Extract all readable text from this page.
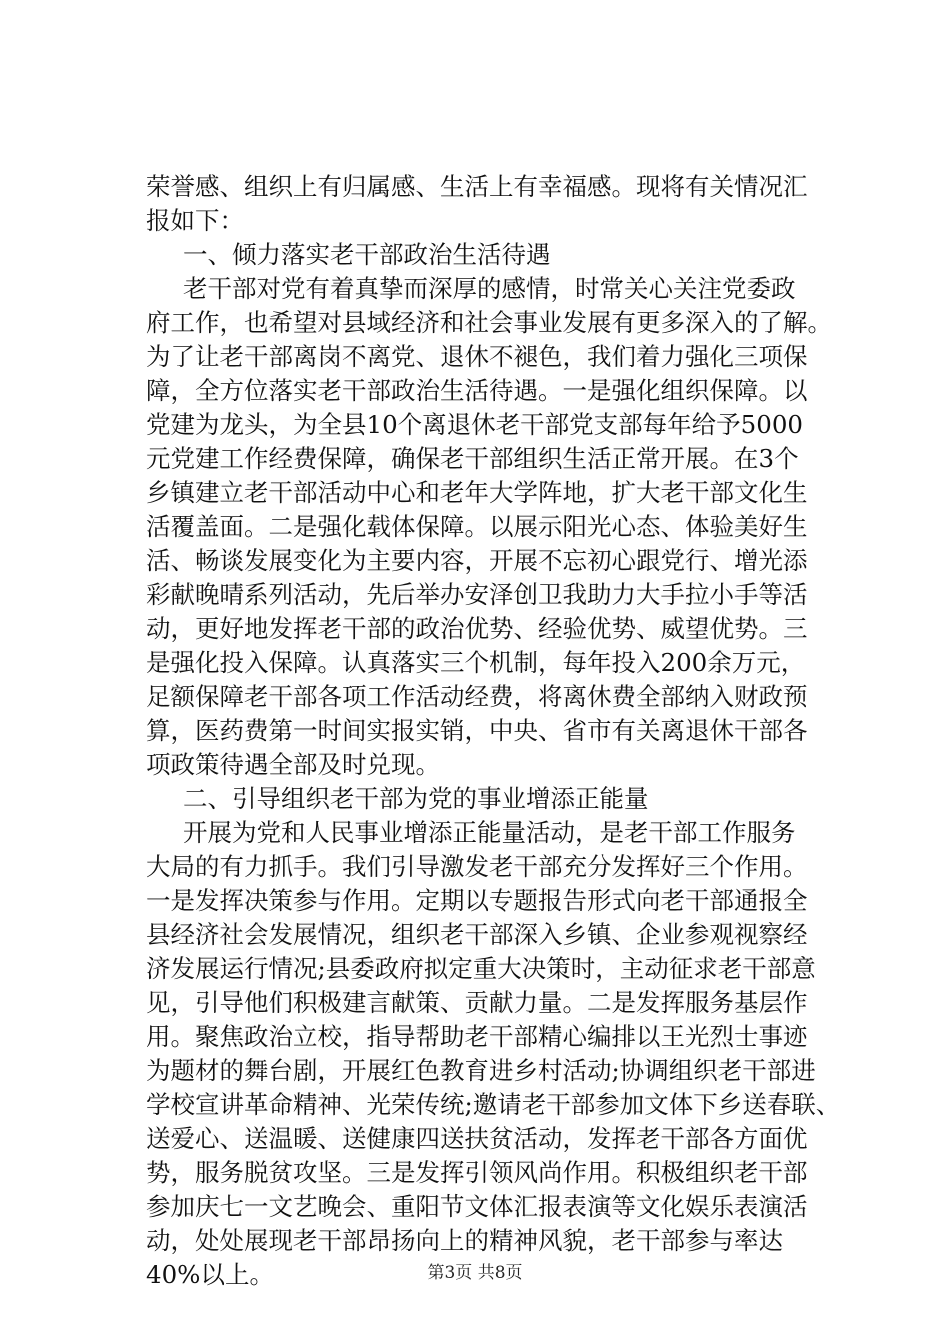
荣誉感、组织上有归属感、生活上有幸福感。现将有关情况汇
报如下：
一、倾力落实老干部政治生活待遇
老干部对党有着真挚而深厚的感情，时常关心关注党委政
府工作，也希望对县域经济和社会事业发展有更多深入的了解。
为了让老干部离岗不离党、退休不褪色，我们着力强化三项保
障，全方位落实老干部政治生活待遇。一是强化组织保障。以
党建为龙头，为全县10个离退休老干部党支部每年给予5000
元党建工作经费保障，确保老干部组织生活正常开展。在3个
乡镇建立老干部活动中心和老年大学阵地，扩大老干部文化生
活覆盖面。二是强化载体保障。以展示阳光心态、体验美好生
活、畅谈发展变化为主要内容，开展不忘初心跟党行、增光添
彩献晚晴系列活动，先后举办安泽创卫我助力大手拉小手等活
动，更好地发挥老干部的政治优势、经验优势、威望优势。三
是强化投入保障。认真落实三个机制，每年投入200余万元，
足额保障老干部各项工作活动经费，将离休费全部纳入财政预
算，医药费第一时间实报实销，中央、省市有关离退休干部各
项政策待遇全部及时兑现。
二、引导组织老干部为党的事业增添正能量
开展为党和人民事业增添正能量活动，是老干部工作服务
大局的有力抓手。我们引导激发老干部充分发挥好三个作用。
一是发挥决策参与作用。定期以专题报告形式向老干部通报全
县经济社会发展情况，组织老干部深入乡镇、企业参观视察经
济发展运行情况;县委政府拟定重大决策时，主动征求老干部意
见，引导他们积极建言献策、贡献力量。二是发挥服务基层作
用。聚焦政治立校，指导帮助老干部精心编排以王光烈士事迹
为题材的舞台剧，开展红色教育进乡村活动;协调组织老干部进
学校宣讲革命精神、光荣传统;邀请老干部参加文体下乡送春联、
送爱心、送温暖、送健康四送扶贫活动，发挥老干部各方面优
势，服务脱贫攻坚。三是发挥引领风尚作用。积极组织老干部
参加庆七一文艺晚会、重阳节文体汇报表演等文化娱乐表演活
动，处处展现老干部昂扬向上的精神风貌，老干部参与率达
40%以上。	第3页 共8页
